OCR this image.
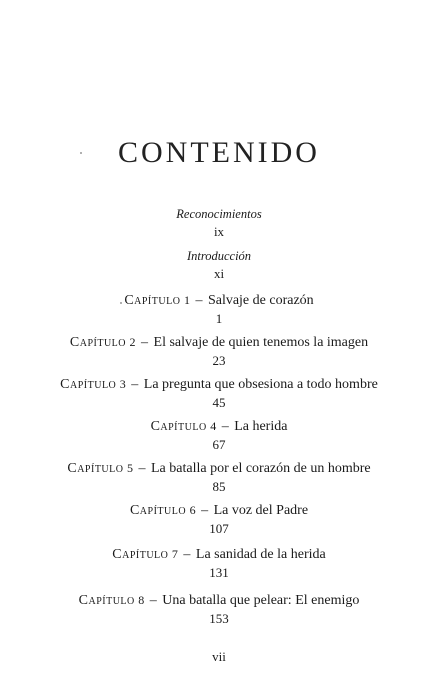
CONTENIDO
Reconocimientos
ix
Introducción
xi
Capítulo 1 – Salvaje de corazón
1
Capítulo 2 – El salvaje de quien tenemos la imagen
23
Capítulo 3 – La pregunta que obsesiona a todo hombre
45
Capítulo 4 – La herida
67
Capítulo 5 – La batalla por el corazón de un hombre
85
Capítulo 6 – La voz del Padre
107
Capítulo 7 – La sanidad de la herida
131
Capítulo 8 – Una batalla que pelear: El enemigo
153
vii
